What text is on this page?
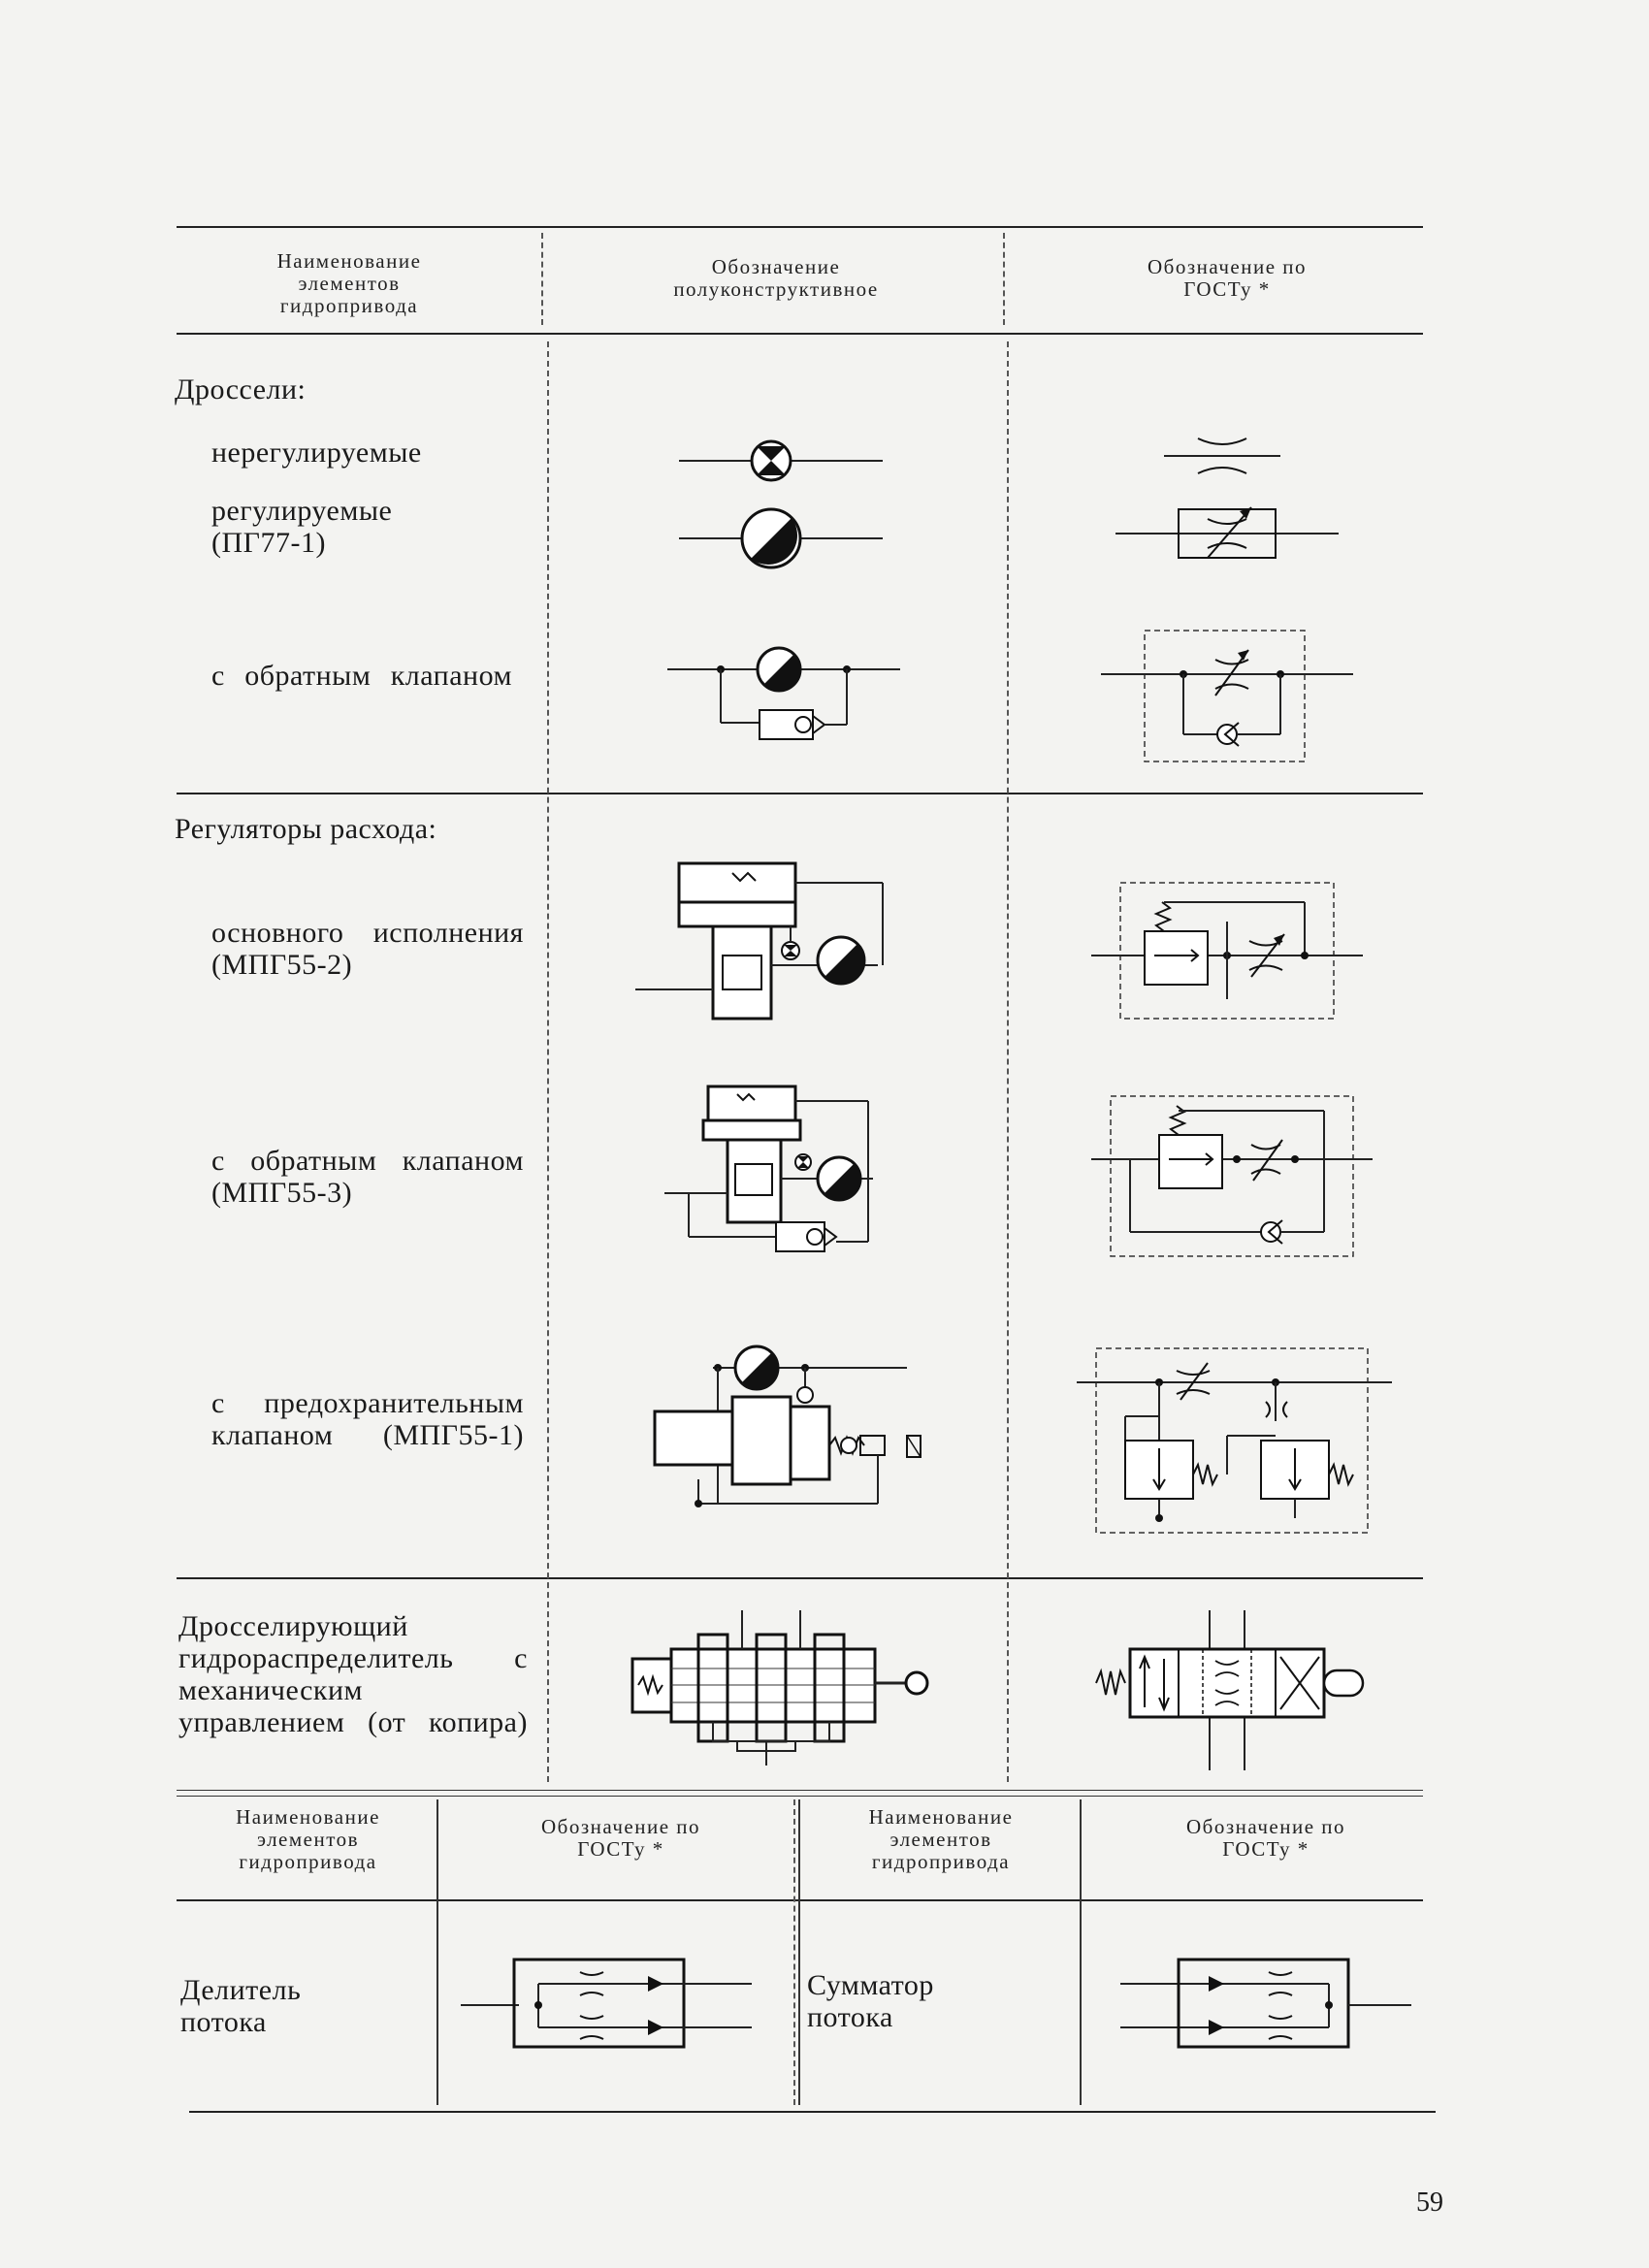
Наименование элементов гидропривода
Обозначение полуконструктивное
Обозначение по ГОСТу *
Дроссели:
нерегулируемые
регулируемые (ПГ77-1)
с обратным клапаном
Регуляторы расхода:
основного исполнения (МПГ55-2)
с обратным клапаном (МПГ55-3)
с предохранительным клапаном (МПГ55-1)
Дросселирующий гидрораспределитель с механическим управлением (от копира)
Наименование элементов гидропривода
Обозначение по ГОСТу *
Наименование элементов гидропривода
Обозначение по ГОСТу *
Делитель потока
Сумматор потока
59
